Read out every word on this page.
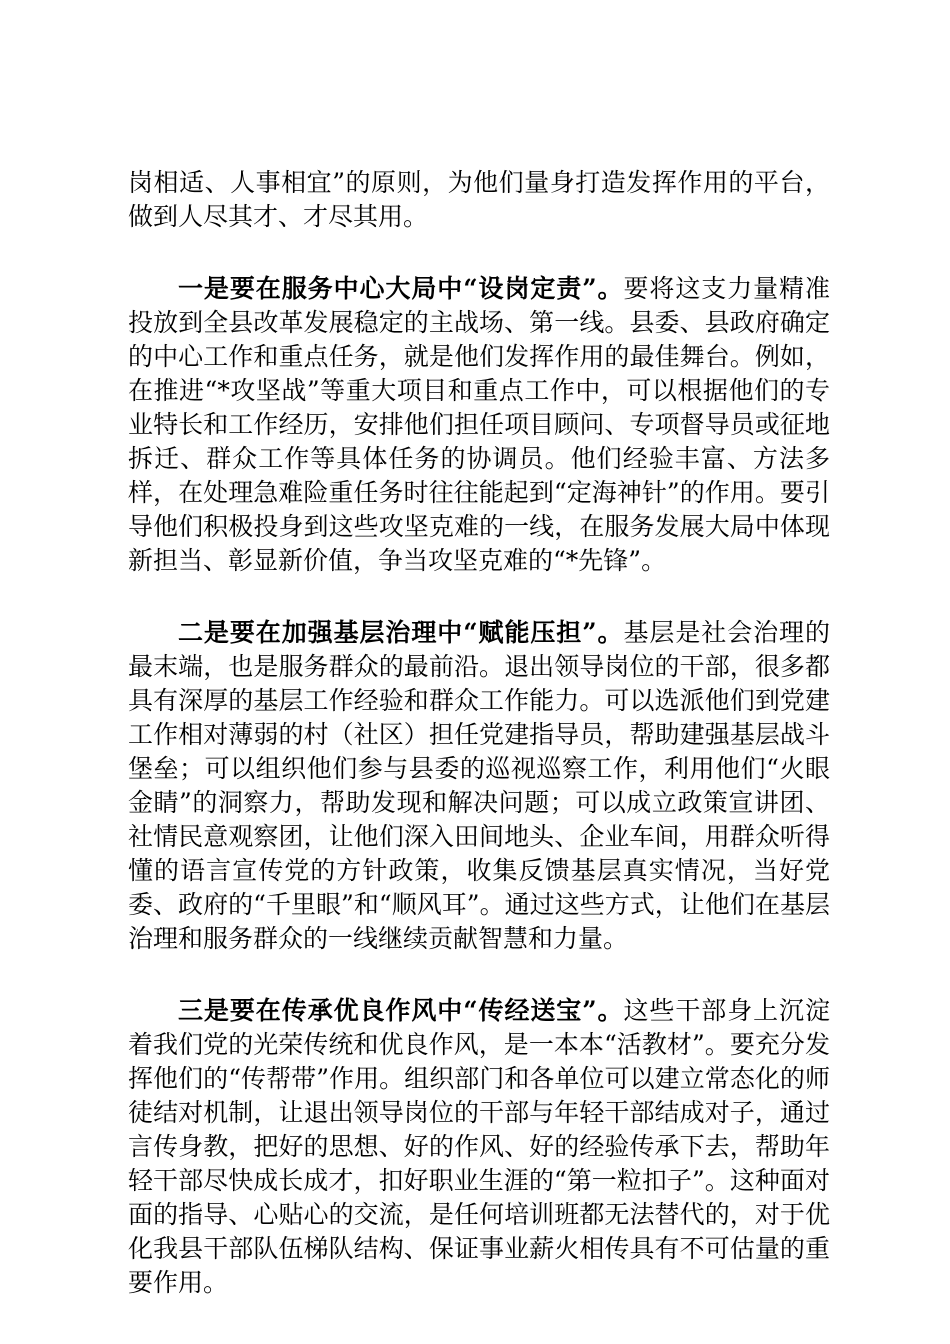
岗相适、人事相宜”的原则，为他们量身打造发挥作用的平台，做到人尽其才、才尽其用。

一是要在服务中心大局中“设岗定责”。要将这支力量精准投放到全县改革发展稳定的主战场、第一线。县委、县政府确定的中心工作和重点任务，就是他们发挥作用的最佳舞台。例如，在推进“*攻坚战”等重大项目和重点工作中，可以根据他们的专业特长和工作经历，安排他们担任项目顾问、专项督导员或征地拆迁、群众工作等具体任务的协调员。他们经验丰富、方法多样，在处理急难险重任务时往往能起到“定海神针”的作用。要引导他们积极投身到这些攻坚克难的一线，在服务发展大局中体现新担当、彰显新价值，争当攻坚克难的“*先锋”。

二是要在加强基层治理中“赋能压担”。基层是社会治理的最末端，也是服务群众的最前沿。退出领导岗位的干部，很多都具有深厚的基层工作经验和群众工作能力。可以选派他们到党建工作相对薄弱的村（社区）担任党建指导员，帮助建强基层战斗堡垒；可以组织他们参与县委的巡视巡察工作，利用他们“火眼金睛”的洞察力，帮助发现和解决问题；可以成立政策宣讲团、社情民意观察团，让他们深入田间地头、企业车间，用群众听得懂的语言宣传党的方针政策，收集反馈基层真实情况，当好党委、政府的“千里眼”和“顺风耳”。通过这些方式，让他们在基层治理和服务群众的一线继续贡献智慧和力量。

三是要在传承优良作风中“传经送宝”。这些干部身上沉淀着我们党的光荣传统和优良作风，是一本本“活教材”。要充分发挥他们的“传帮带”作用。组织部门和各单位可以建立常态化的师徒结对机制，让退出领导岗位的干部与年轻干部结成对子，通过言传身教，把好的思想、好的作风、好的经验传承下去，帮助年轻干部尽快成长成才，扣好职业生涯的“第一粒扣子”。这种面对面的指导、心贴心的交流，是任何培训班都无法替代的，对于优化我县干部队伍梯队结构、保证事业薪火相传具有不可估量的重要作用。
